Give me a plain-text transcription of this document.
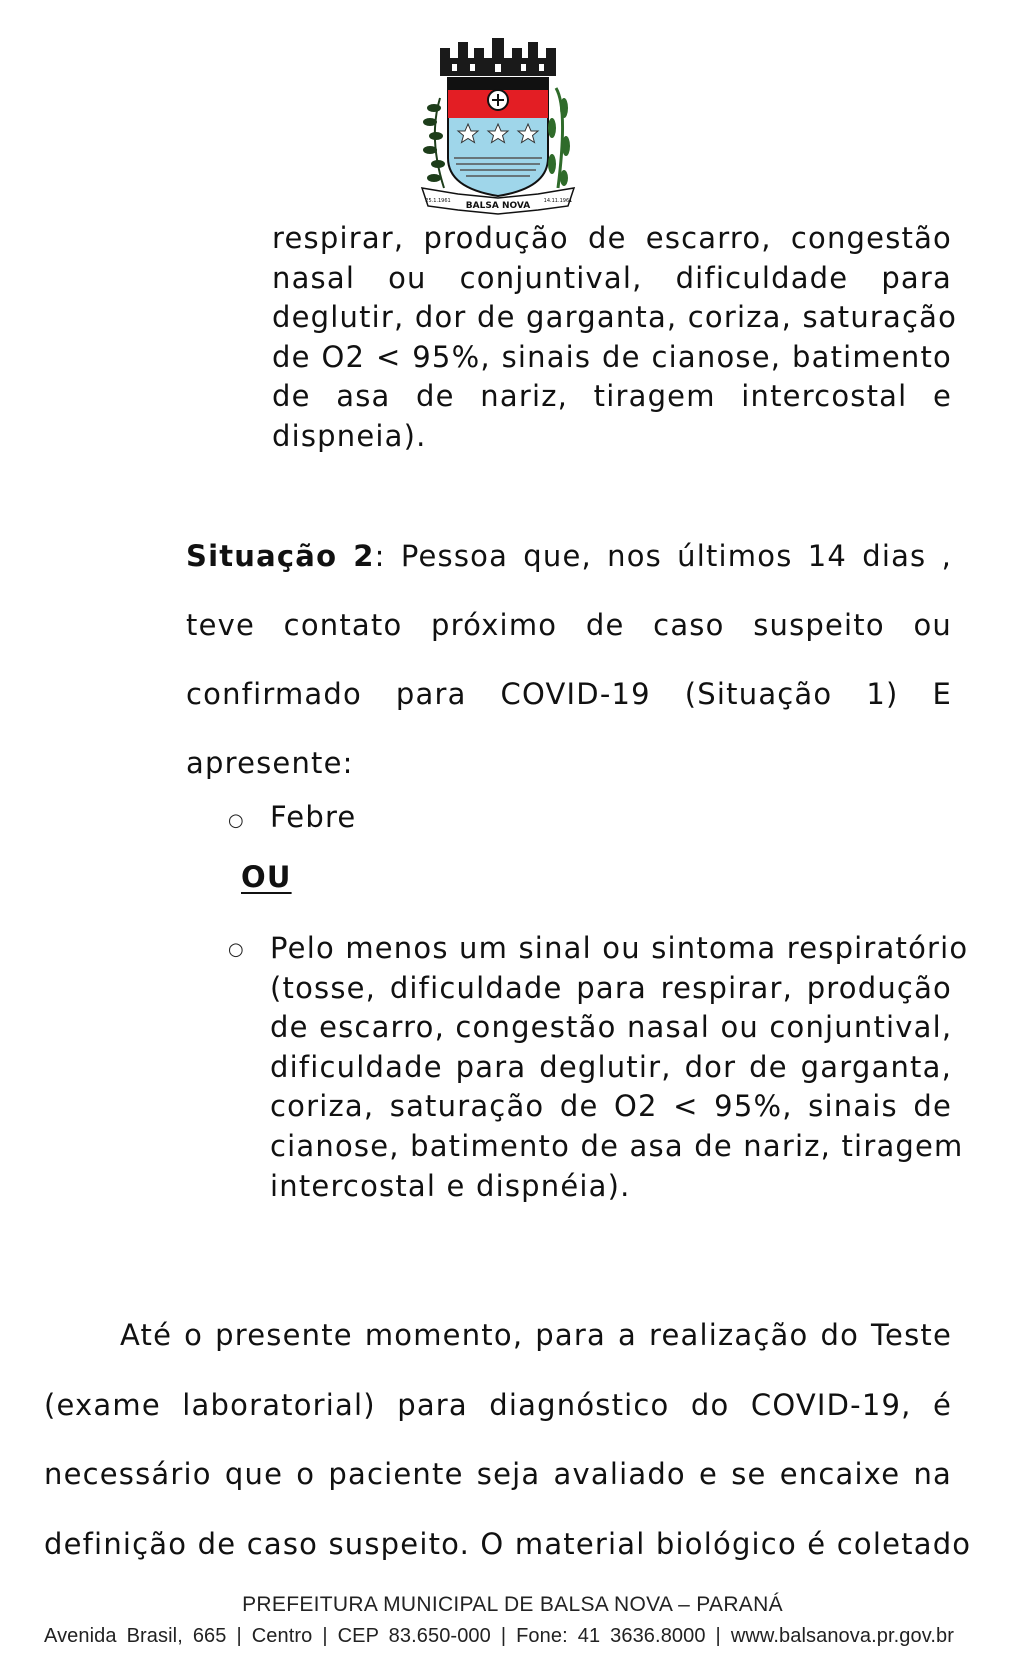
BALSA NOVA
25.1.1961	14.11.1961
respirar, produção de escarro, congestão
nasal ou conjuntival, dificuldade para
deglutir, dor de garganta, coriza, saturação
de O2 < 95%, sinais de cianose, batimento
de asa de nariz, tiragem intercostal e
dispneia).
Situação 2: Pessoa que, nos últimos 14 dias ,
teve contato próximo de caso suspeito ou
confirmado para COVID-19 (Situação 1) E
apresente:
○ Febre
OU
○ Pelo menos um sinal ou sintoma respiratório
(tosse, dificuldade para respirar, produção
de escarro, congestão nasal ou conjuntival,
dificuldade para deglutir, dor de garganta,
coriza, saturação de O2 < 95%, sinais de
cianose, batimento de asa de nariz, tiragem
intercostal e dispnéia).
Até o presente momento, para a realização do Teste
(exame laboratorial) para diagnóstico do COVID-19, é
necessário que o paciente seja avaliado e se encaixe na
definição de caso suspeito. O material biológico é coletado
PREFEITURA MUNICIPAL DE BALSA NOVA – PARANÁ
Avenida Brasil, 665 | Centro | CEP 83.650-000 | Fone: 41 3636.8000 | www.balsanova.pr.gov.br
